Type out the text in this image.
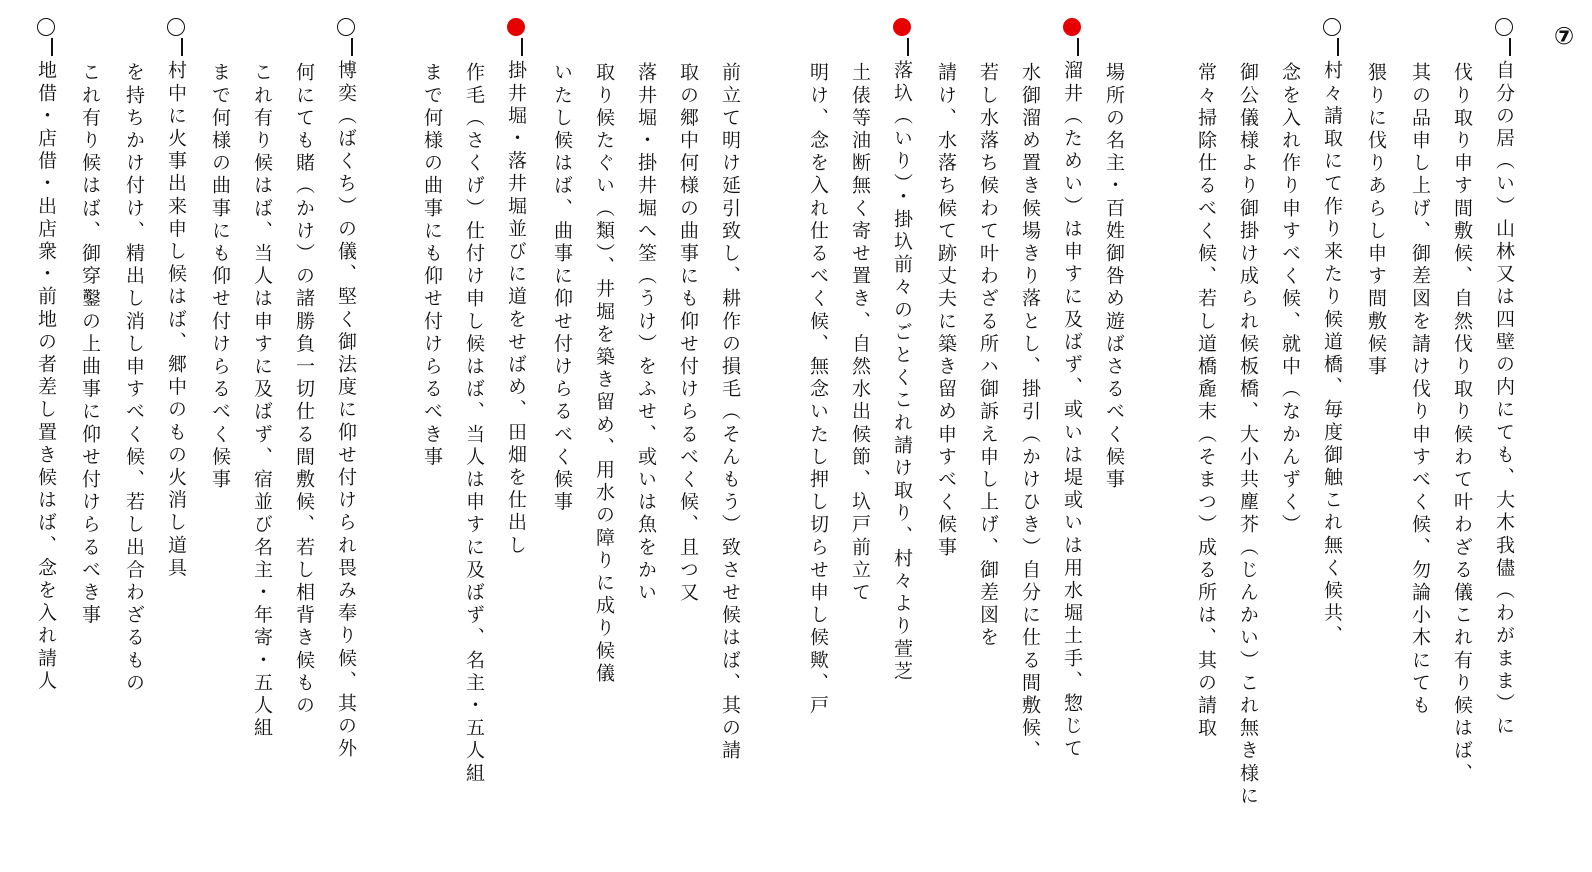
⑦
自分の居（い）山林又は四壁の内にても、大木我儘（わがまま）に
伐り取り申す間敷候、自然伐り取り候わて叶わざる儀これ有り候はば、
其の品申し上げ、御差図を請け伐り申すべく候、勿論小木にても
猥りに伐りあらし申す間敷候事
村々請取にて作り来たり候道橋、毎度御触これ無く候共、
念を入れ作り申すべく候、就中（なかんずく）
御公儀様より御掛け成られ候板橋、大小共塵芥（じんかい）これ無き様に
常々掃除仕るべく候、若し道橋麁末（そまつ）成る所は、其の請取
場所の名主・百姓御咎め遊ばさるべく候事
溜井（ためい）は申すに及ばず、或いは堤或いは用水堀土手、惣じて
水御溜め置き候場きり落とし、掛引（かけひき）自分に仕る間敷候、
若し水落ち候わて叶わざる所ハ御訴え申し上げ、御差図を
請け、水落ち候て跡丈夫に築き留め申すべく候事
落圦（いり）・掛圦前々のごとくこれ請け取り、村々より萱芝
土俵等油断無く寄せ置き、自然水出候節、圦戸前立て
明け、念を入れ仕るべく候、無念いたし押し切らせ申し候歟、戸
前立て明け延引致し、耕作の損毛（そんもう）致させ候はば、其の請
取の郷中何様の曲事にも仰せ付けらるべく候、且つ又
落井堀・掛井堀へ筌（うけ）をふせ、或いは魚をかい
取り候たぐい（類）、井堀を築き留め、用水の障りに成り候儀
いたし候はば、曲事に仰せ付けらるべく候事
掛井堀・落井堀並びに道をせばめ、田畑を仕出し
作毛（さくげ）仕付け申し候はば、当人は申すに及ばず、名主・五人組
まで何様の曲事にも仰せ付けらるべき事
博奕（ばくち）の儀、堅く御法度に仰せ付けられ畏み奉り候、其の外
何にても賭（かけ）の諸勝負一切仕る間敷候、若し相背き候もの
これ有り候はば、当人は申すに及ばず、宿並び名主・年寄・五人組
まで何様の曲事にも仰せ付けらるべく候事
村中に火事出来申し候はば、郷中のもの火消し道具
を持ちかけ付け、精出し消し申すべく候、若し出合わざるもの
これ有り候はば、御穿鑿の上曲事に仰せ付けらるべき事
地借・店借・出店衆・前地の者差し置き候はば、念を入れ請人
